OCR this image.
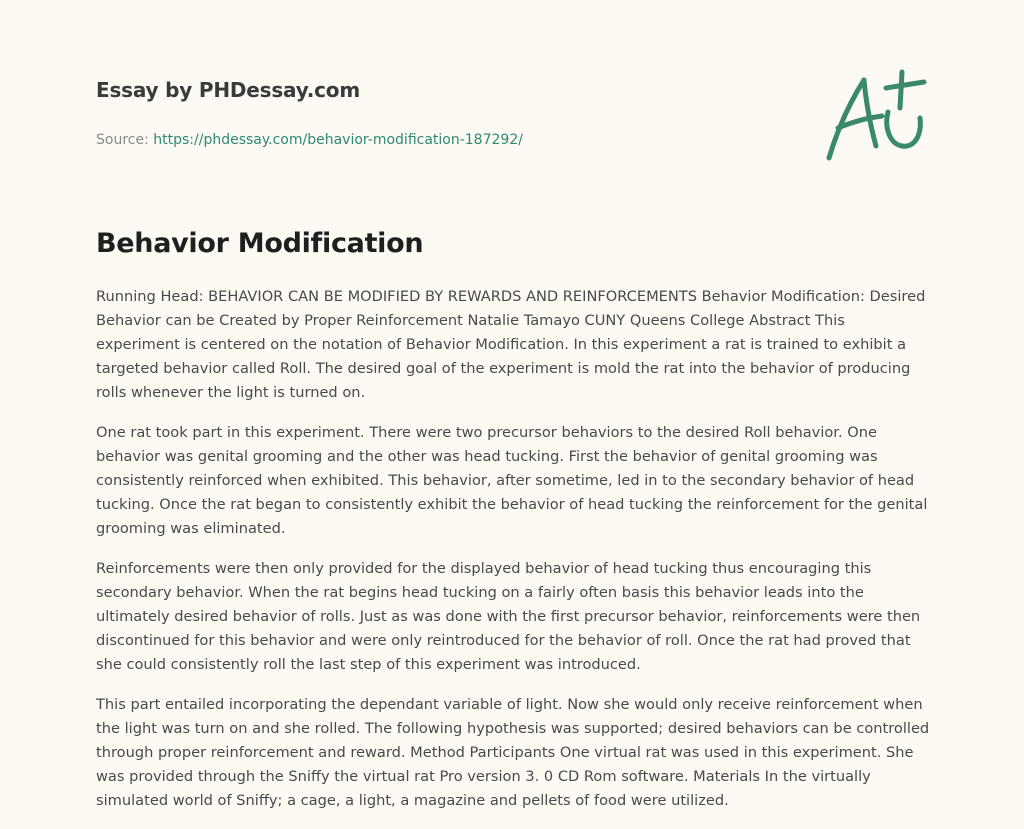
Essay by PHDessay.com
Source: https://phdessay.com/behavior-modification-187292/
Behavior Modification

Running Head: BEHAVIOR CAN BE MODIFIED BY REWARDS AND REINFORCEMENTS Behavior Modification: Desired Behavior can be Created by Proper Reinforcement Natalie Tamayo CUNY Queens College Abstract This experiment is centered on the notation of Behavior Modification. In this experiment a rat is trained to exhibit a targeted behavior called Roll. The desired goal of the experiment is mold the rat into the behavior of producing rolls whenever the light is turned on.

One rat took part in this experiment. There were two precursor behaviors to the desired Roll behavior. One behavior was genital grooming and the other was head tucking. First the behavior of genital grooming was consistently reinforced when exhibited. This behavior, after sometime, led in to the secondary behavior of head tucking. Once the rat began to consistently exhibit the behavior of head tucking the reinforcement for the genital grooming was eliminated.

Reinforcements were then only provided for the displayed behavior of head tucking thus encouraging this secondary behavior. When the rat begins head tucking on a fairly often basis this behavior leads into the ultimately desired behavior of rolls. Just as was done with the first precursor behavior, reinforcements were then discontinued for this behavior and were only reintroduced for the behavior of roll. Once the rat had proved that she could consistently roll the last step of this experiment was introduced.

This part entailed incorporating the dependant variable of light. Now she would only receive reinforcement when the light was turn on and she rolled. The following hypothesis was supported; desired behaviors can be controlled through proper reinforcement and reward. Method Participants One virtual rat was used in this experiment. She was provided through the Sniffy the virtual rat Pro version 3. 0 CD Rom software. Materials In the virtually simulated world of Sniffy; a cage, a light, a magazine and pellets of food were utilized.
